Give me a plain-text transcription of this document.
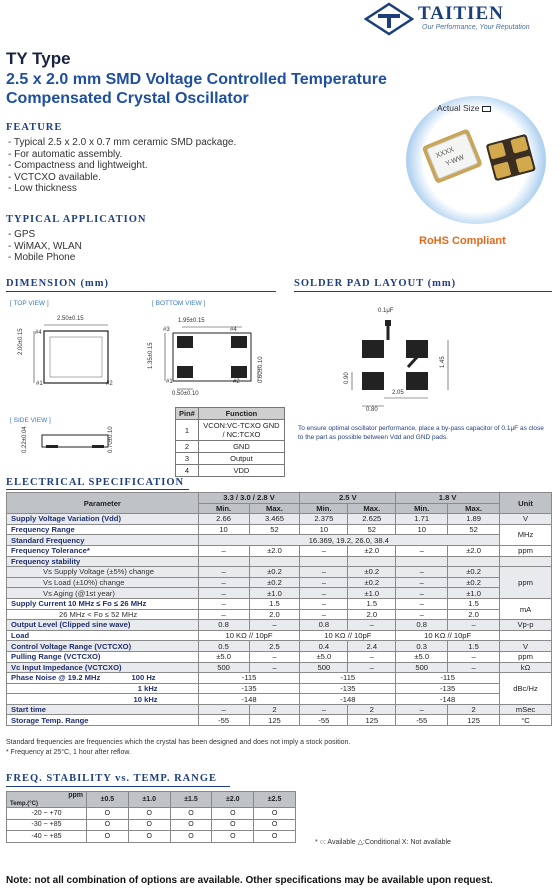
TAITIEN
Our Performance, Your Reputation
TY Type
2.5 x 2.0 mm SMD Voltage Controlled Temperature
Compensated Crystal Oscillator
FEATURE
- Typical 2.5 x 2.0 x 0.7 mm ceramic SMD package.
- For automatic assembly.
- Compactness and lightweight.
- VCTCXO available.
- Low thickness
TYPICAL APPLICATION
- GPS
- WiMAX, WLAN
- Mobile Phone
Actual Size
XXXX
Y-WW
RoHS Compliant
DIMENSION (mm)	SOLDER PAD LAYOUT (mm)
[ TOP VIEW ]	[ BOTTOM VIEW ]
2.50±0.15	1.95±0.15
2.00±0.15
1.35±0.15
0.60±0.10
0.50±0.10
#4
#1	#2
#3	#4
#1	#2
[ SIDE VIEW ]
0.22±0.04	0.70±0.10
Pin#	Function
1	VCON:VC-TCXO GND / NC:TCXO
2	GND
3	Output
4	VDD
0.1μF
1.45
0.90
2.05
0.80
To ensure optimal oscillator performance, place a by-pass capacitor of 0.1μF as close to the part as possible between Vdd and GND pads.
ELECTRICAL SPECIFICATION
Parameter	3.3 / 3.0 / 2.8 V		2.5 V		1.8 V		Unit
	Min.	Max.	Min.	Max.	Min.	Max.	
Supply Voltage Variation (Vdd)	2.66	3.465	2.375	2.625	1.71	1.89	V
Frequency Range	10	52	10	52	10	52	MHz
Standard Frequency	16.369, 19.2, 26.0, 38.4						
Frequency Tolerance*	–	±2.0	–	±2.0	–	±2.0	ppm
Frequency stability							
Vs Supply Voltage (±5%) change	–	±0.2	–	±0.2	–	±0.2	ppm
Vs Load (±10%) change	–	±0.2	–	±0.2	–	±0.2	
Vs Aging (@1st year)	–	±1.0	–	±1.0	–	±1.0	
Supply Current 10 MHz ≤ Fo ≤ 26 MHz	–	1.5	–	1.5	–	1.5	mA
26 MHz < Fo ≤ 52 MHz	–	2.0	–	2.0	–	2.0	
Output Level (Clipped sine wave)	0.8	–	0.8	–	0.8	–	Vp-p
Load	10 KΩ // 10pF		10 KΩ // 10pF		10 KΩ // 10pF		
Control Voltage Range (VCTCXO)	0.5	2.5	0.4	2.4	0.3	1.5	V
Pulling Range (VCTCXO)	±5.0	–	±5.0	–	±5.0	–	ppm
Vc Input Impedance (VCTCXO)	500	–	500	–	500	–	kΩ
Phase Noise @ 19.2 MHz 100 Hz	-115		-115		-115		dBc/Hz
1 kHz	-135		-135		-135		
10 kHz	-148		-148		-148		
Start time	–	2	–	2	–	2	mSec
Storage Temp. Range	-55	125	-55	125	-55	125	°C
Standard frequencies are frequencies which the crystal has been designed and does not imply a stock position.
* Frequency at 25°C, 1 hour after reflow.
FREQ. STABILITY vs. TEMP. RANGE
ppm
Temp.(°C)	±0.5	±1.0	±1.5	±2.0	±2.5
-20 ~ +70	O	O	O	O	O
-30 ~ +85	O	O	O	O	O
-40 ~ +85	O	O	O	O	O
* ○: Available △:Conditional X: Not available
Note: not all combination of options are available. Other specifications may be available upon request.
